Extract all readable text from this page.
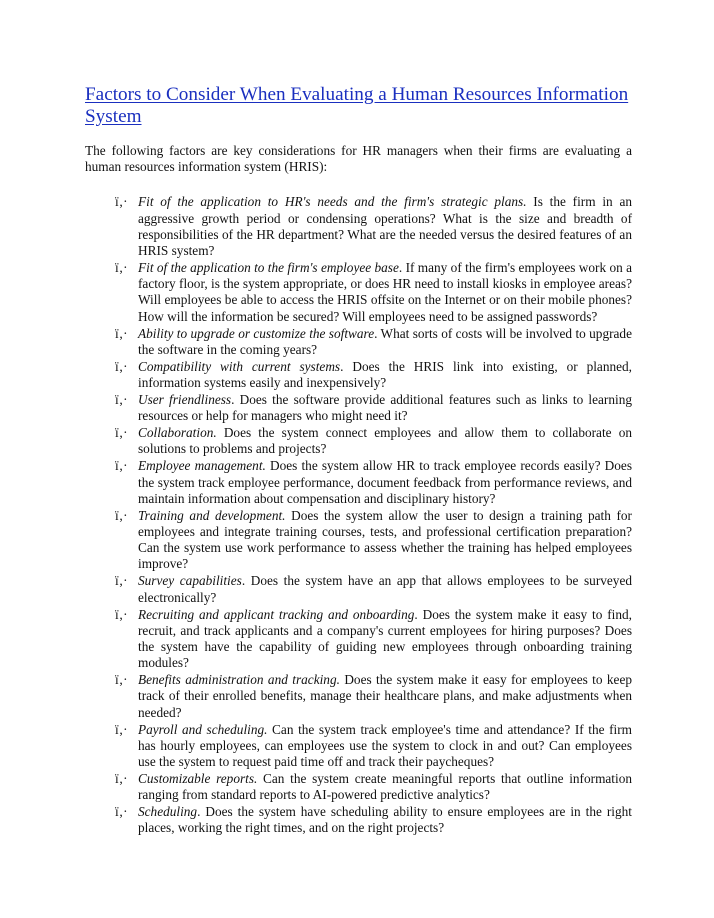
Factors to Consider When Evaluating a Human Resources Information System

The following factors are key considerations for HR managers when their firms are evaluating a human resources information system (HRIS):

ï‚· Fit of the application to HR's needs and the firm's strategic plans. Is the firm in an aggressive growth period or condensing operations? What is the size and breadth of responsibilities of the HR department? What are the needed versus the desired features of an HRIS system?
ï‚· Fit of the application to the firm's employee base. If many of the firm's employees work on a factory floor, is the system appropriate, or does HR need to install kiosks in employee areas? Will employees be able to access the HRIS offsite on the Internet or on their mobile phones? How will the information be secured? Will employees need to be assigned passwords?
ï‚· Ability to upgrade or customize the software. What sorts of costs will be involved to upgrade the software in the coming years?
ï‚· Compatibility with current systems. Does the HRIS link into existing, or planned, information systems easily and inexpensively?
ï‚· User friendliness. Does the software provide additional features such as links to learning resources or help for managers who might need it?
ï‚· Collaboration. Does the system connect employees and allow them to collaborate on solutions to problems and projects?
ï‚· Employee management. Does the system allow HR to track employee records easily? Does the system track employee performance, document feedback from performance reviews, and maintain information about compensation and disciplinary history?
ï‚· Training and development. Does the system allow the user to design a training path for employees and integrate training courses, tests, and professional certification preparation? Can the system use work performance to assess whether the training has helped employees improve?
ï‚· Survey capabilities. Does the system have an app that allows employees to be surveyed electronically?
ï‚· Recruiting and applicant tracking and onboarding. Does the system make it easy to find, recruit, and track applicants and a company's current employees for hiring purposes? Does the system have the capability of guiding new employees through onboarding training modules?
ï‚· Benefits administration and tracking. Does the system make it easy for employees to keep track of their enrolled benefits, manage their healthcare plans, and make adjustments when needed?
ï‚· Payroll and scheduling. Can the system track employee's time and attendance? If the firm has hourly employees, can employees use the system to clock in and out? Can employees use the system to request paid time off and track their paycheques?
ï‚· Customizable reports. Can the system create meaningful reports that outline information ranging from standard reports to AI-powered predictive analytics?
ï‚· Scheduling. Does the system have scheduling ability to ensure employees are in the right places, working the right times, and on the right projects?
